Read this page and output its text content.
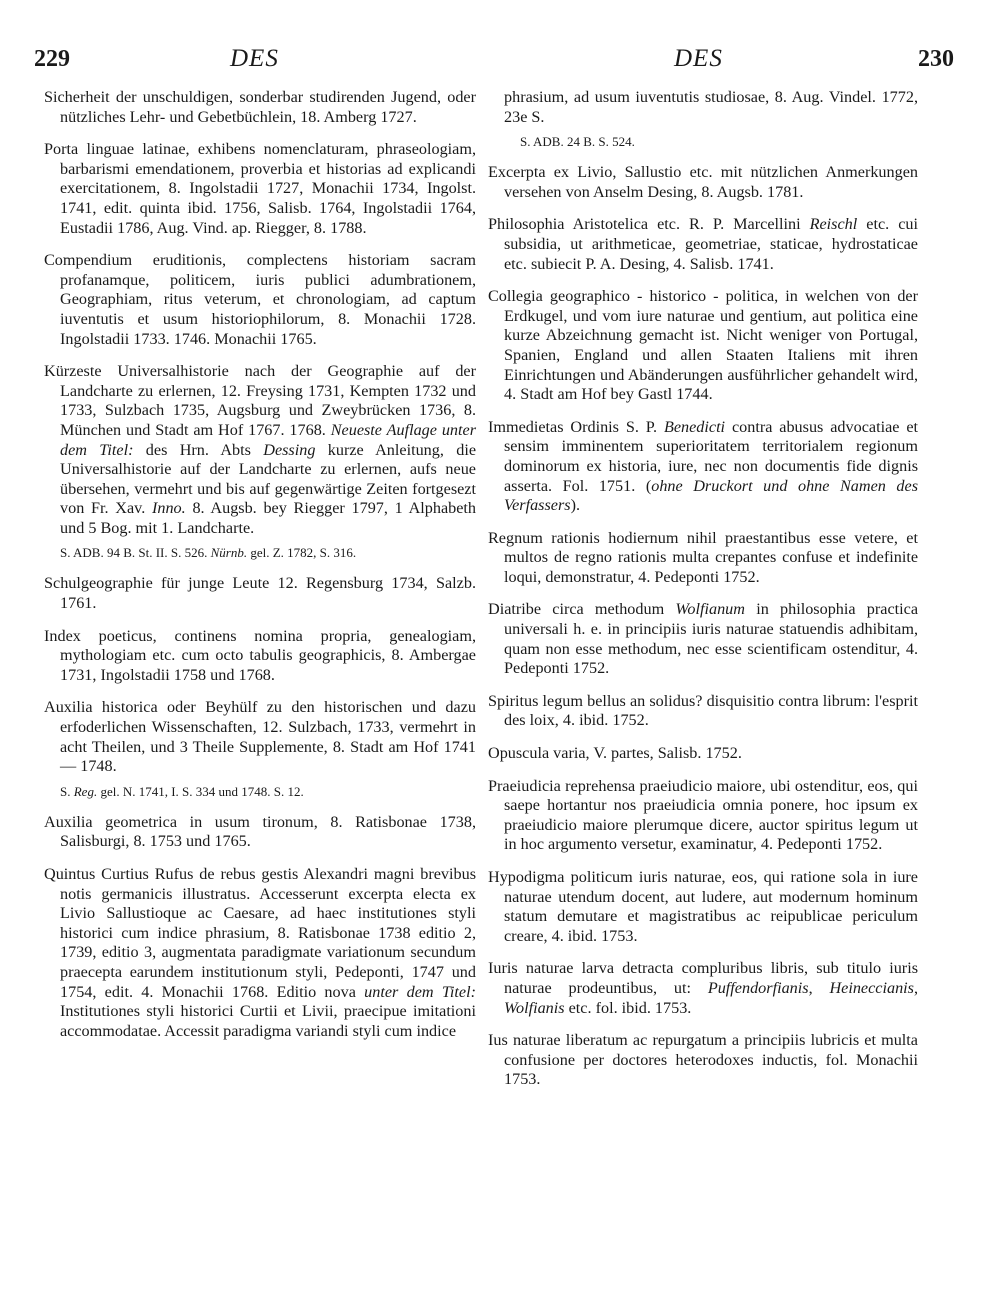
229	DES	DES	230

Sicherheit der unschuldigen, sonderbar studirenden Jugend, oder nützliches Lehr- und Gebetbüchlein, 18. Amberg 1727.

Porta linguae latinae, exhibens nomenclaturam, phraseologiam, barbarismi emendationem, proverbia et historias ad explicandi exercitationem, 8. Ingolstadii 1727, Monachii 1734, Ingolst. 1741, edit. quinta ibid. 1756, Salisb. 1764, Ingolstadii 1764, Eustadii 1786, Aug. Vind. ap. Riegger, 8. 1788.

Compendium eruditionis, complectens historiam sacram profanamque, politicem, iuris publici adumbrationem, Geographiam, ritus veterum, et chronologiam, ad captum iuventutis et usum historiophilorum, 8. Monachii 1728. Ingolstadii 1733. 1746. Monachii 1765.

Kürzeste Universalhistorie nach der Geographie auf der Landcharte zu erlernen, 12. Freysing 1731, Kempten 1732 und 1733, Sulzbach 1735, Augsburg und Zweybrücken 1736, 8. München und Stadt am Hof 1767. 1768. Neueste Auflage unter dem Titel: des Hrn. Abts Dessing kurze Anleitung, die Universalhistorie auf der Landcharte zu erlernen, aufs neue übersehen, vermehrt und bis auf gegenwärtige Zeiten fortgesezt von Fr. Xav. Inno. 8. Augsb. bey Riegger 1797, 1 Alphabeth und 5 Bog. mit 1. Landcharte.

S. ADB. 94 B. St. II. S. 526. Nürnb. gel. Z. 1782, S. 316.

Schulgeographie für junge Leute 12. Regensburg 1734, Salzb. 1761.

Index poeticus, continens nomina propria, genealogiam, mythologiam etc. cum octo tabulis geographicis, 8. Ambergae 1731, Ingolstadii 1758 und 1768.

Auxilia historica oder Beyhülf zu den historischen und dazu erfoderlichen Wissenschaften, 12. Sulzbach, 1733, vermehrt in acht Theilen, und 3 Theile Supplemente, 8. Stadt am Hof 1741 — 1748.

S. Reg. gel. N. 1741, I. S. 334 und 1748. S. 12.

Auxilia geometrica in usum tironum, 8. Ratisbonae 1738, Salisburgi, 8. 1753 und 1765.

Quintus Curtius Rufus de rebus gestis Alexandri magni brevibus notis germanicis illustratus. Accesserunt excerpta electa ex Livio Sallustioque ac Caesare, ad haec institutiones styli historici cum indice phrasium, 8. Ratisbonae 1738 editio 2, 1739, editio 3, augmentata paradigmate variationum secundum praecepta earundem institutionum styli, Pedeponti, 1747 und 1754, edit. 4. Monachii 1768. Editio nova unter dem Titel: Institutiones styli historici Curtii et Livii, praecipue imitationi accommodatae. Accessit paradigma variandi styli cum indice

phrasium, ad usum iuventutis studiosae, 8. Aug. Vindel. 1772, 23e S.

S. ADB. 24 B. S. 524.

Excerpta ex Livio, Sallustio etc. mit nützlichen Anmerkungen versehen von Anselm Desing, 8. Augsb. 1781.

Philosophia Aristotelica etc. R. P. Marcellini Reischl etc. cui subsidia, ut arithmeticae, geometriae, staticae, hydrostaticae etc. subiecit P. A. Desing, 4. Salisb. 1741.

Collegia geographico - historico - politica, in welchen von der Erdkugel, und vom iure naturae und gentium, aut politica eine kurze Abzeichnung gemacht ist. Nicht weniger von Portugal, Spanien, England und allen Staaten Italiens mit ihren Einrichtungen und Abänderungen ausführlicher gehandelt wird, 4. Stadt am Hof bey Gastl 1744.

Immedietas Ordinis S. P. Benedicti contra abusus advocatiae et sensim imminentem superioritatem territorialem regionum dominorum ex historia, iure, nec non documentis fide dignis asserta. Fol. 1751. (ohne Druckort und ohne Namen des Verfassers).

Regnum rationis hodiernum nihil praestantibus esse vetere, et multos de regno rationis multa crepantes confuse et indefinite loqui, demonstratur, 4. Pedeponti 1752.

Diatribe circa methodum Wolfianum in philosophia practica universali h. e. in principiis iuris naturae statuendis adhibitam, quam non esse methodum, nec esse scientificam ostenditur, 4. Pedeponti 1752.

Spiritus legum bellus an solidus? disquisitio contra librum: l'esprit des loix, 4. ibid. 1752.

Opuscula varia, V. partes, Salisb. 1752.

Praeiudicia reprehensa praeiudicio maiore, ubi ostenditur, eos, qui saepe hortantur nos praeiudicia omnia ponere, hoc ipsum ex praeiudicio maiore plerumque dicere, auctor spiritus legum ut in hoc argumento versetur, examinatur, 4. Pedeponti 1752.

Hypodigma politicum iuris naturae, eos, qui ratione sola in iure naturae utendum docent, aut ludere, aut modernum hominum statum demutare et magistratibus ac reipublicae periculum creare, 4. ibid. 1753.

Iuris naturae larva detracta compluribus libris, sub titulo iuris naturae prodeuntibus, ut: Puffendorfianis, Heineccianis, Wolfianis etc. fol. ibid. 1753.

Ius naturae liberatum ac repurgatum a principiis lubricis et multa confusione per doctores heterodoxes inductis, fol. Monachii 1753.
